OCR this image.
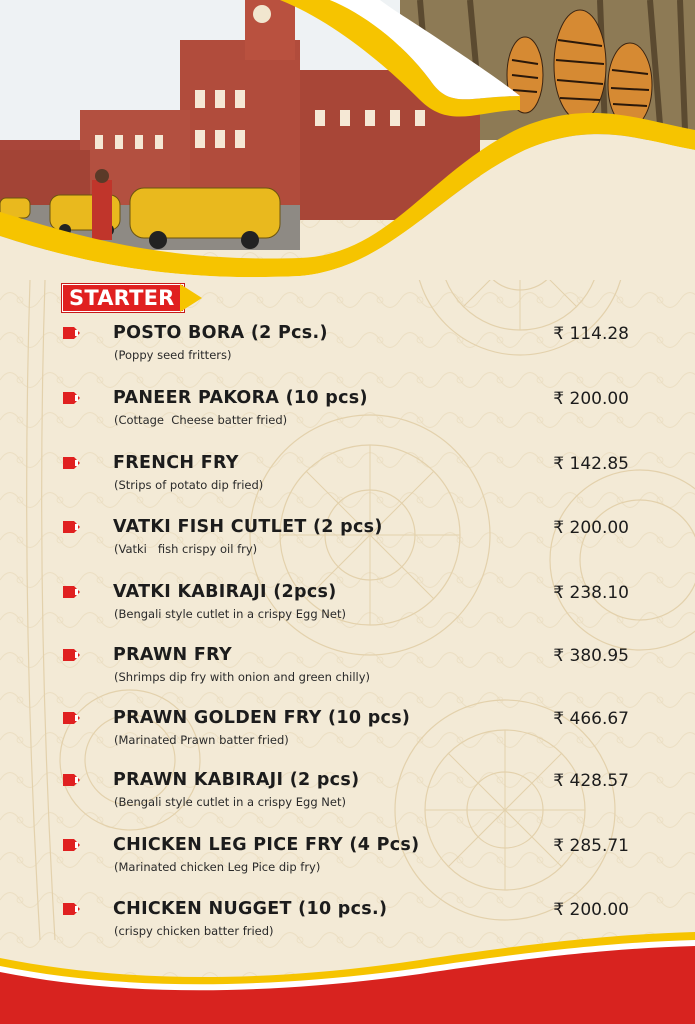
STARTER
POSTO BORA (2 Pcs.)
(Poppy seed fritters)
₹ 114.28
PANEER PAKORA (10 pcs)
(Cottage  Cheese batter fried)
₹ 200.00
FRENCH FRY
(Strips of potato dip fried)
₹ 142.85
VATKI FISH CUTLET (2 pcs)
(Vatki   fish crispy oil fry)
₹ 200.00
VATKI KABIRAJI (2pcs)
(Bengali style cutlet in a crispy Egg Net)
₹ 238.10
PRAWN FRY
(Shrimps dip fry with onion and green chilly)
₹ 380.95
PRAWN GOLDEN FRY (10 pcs)
(Marinated Prawn batter fried)
₹ 466.67
PRAWN KABIRAJI (2 pcs)
(Bengali style cutlet in a crispy Egg Net)
₹ 428.57
CHICKEN LEG PICE FRY (4 Pcs)
(Marinated chicken Leg Pice dip fry)
₹ 285.71
CHICKEN NUGGET (10 pcs.)
(crispy chicken batter fried)
₹ 200.00
